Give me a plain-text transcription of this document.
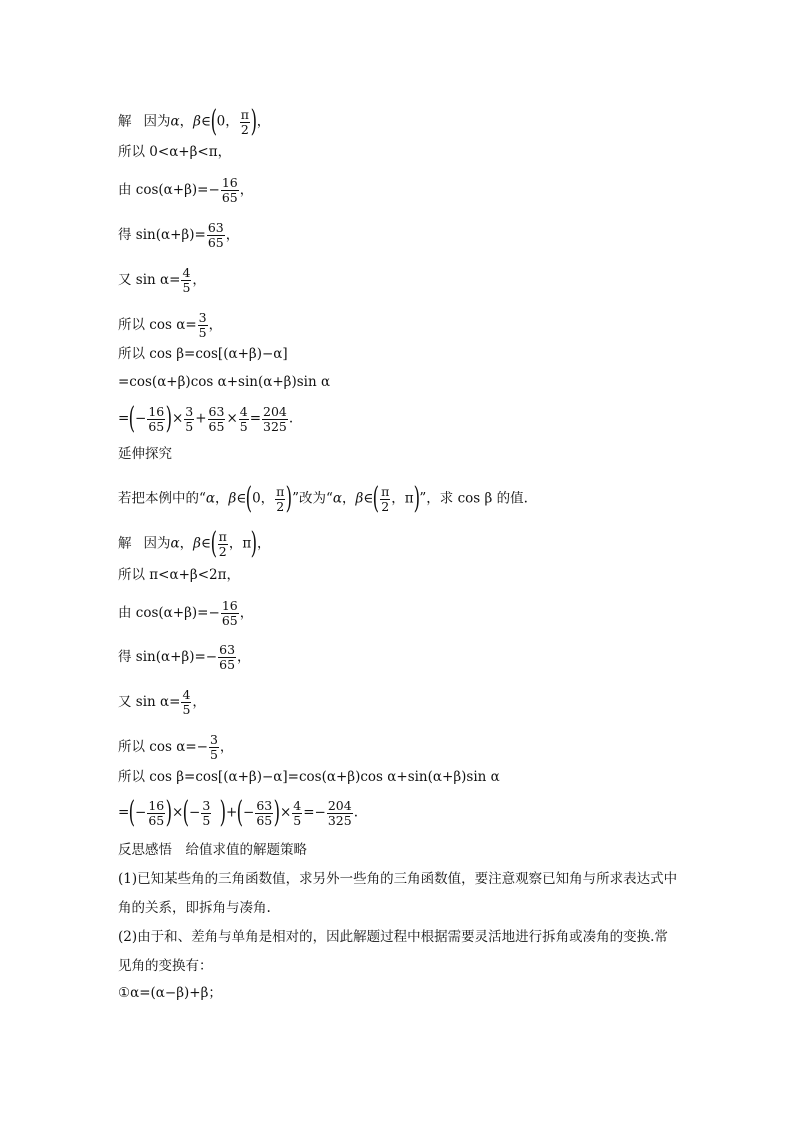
解 因为α，β∈(0， $\frac{\pi}{2}$ )，
所以 0<α+β<π，
由 $\cos(\alpha+\beta)=- \frac{16}{65}$ ，
得 $\sin(\alpha+\beta)= \frac{63}{65}$ ，
又 $\sin \alpha= \frac{4}{5}$ ，
所以 $\cos \alpha= \frac{3}{5}$ ，
所以 cos β=cos[(α+β)−α]
=cos(α+β)cos α+sin(α+β)sin α
=(− $\frac{16}{65}$ )× $\frac{3}{5} + \frac{63}{65} \times \frac{4}{5} = \frac{204}{325}$ .
延伸探究
若把本例中的“α，β∈(0， $\frac{\pi}{2}$ )”改为“α，β∈( $\frac{\pi}{2}$ ，π)”，求 cos β 的值.
解 因为α，β∈( $\frac{\pi}{2}$ ，π)，
所以 π<α+β<2π，
由 $\cos(\alpha+\beta)=- \frac{16}{65}$ ，
得 $\sin(\alpha+\beta)=- \frac{63}{65}$ ，
又 $\sin \alpha= \frac{4}{5}$ ，
所以 $\cos \alpha=- \frac{3}{5}$ ，
所以 cos β=cos[(α+β)−α]=cos(α+β)cos α+sin(α+β)sin α
=(− $\frac{16}{65}$ )×(− $\frac{3}{5}$ )+(− $\frac{63}{65}$ )× $\frac{4}{5} =- \frac{204}{325}$ .
反思感悟　给值求值的解题策略
(1)已知某些角的三角函数值，求另外一些角的三角函数值，要注意观察已知角与所求表达式中角的关系，即拆角与凑角.
(2)由于和、差角与单角是相对的，因此解题过程中根据需要灵活地进行拆角或凑角的变换.常见角的变换有：
①α=(α−β)+β；
